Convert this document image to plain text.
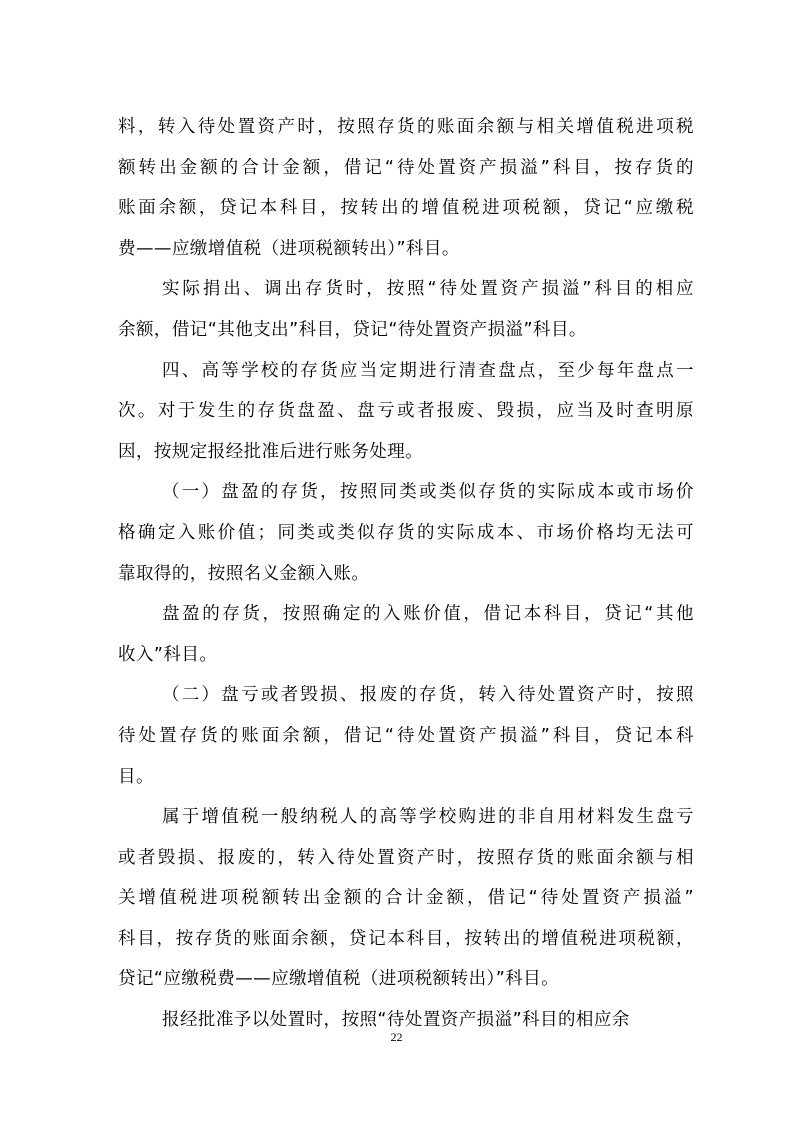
料，转入待处置资产时，按照存货的账面余额与相关增值税进项税
额转出金额的合计金额，借记“待处置资产损溢”科目，按存货的
账面余额，贷记本科目，按转出的增值税进项税额，贷记“应缴税
费——应缴增值税（进项税额转出）”科目。
实际捐出、调出存货时，按照“待处置资产损溢”科目的相应
余额，借记“其他支出”科目，贷记“待处置资产损溢”科目。
四、高等学校的存货应当定期进行清查盘点，至少每年盘点一
次。对于发生的存货盘盈、盘亏或者报废、毁损，应当及时查明原
因，按规定报经批准后进行账务处理。
（一）盘盈的存货，按照同类或类似存货的实际成本或市场价
格确定入账价值；同类或类似存货的实际成本、市场价格均无法可
靠取得的，按照名义金额入账。
盘盈的存货，按照确定的入账价值，借记本科目，贷记“其他
收入”科目。
（二）盘亏或者毁损、报废的存货，转入待处置资产时，按照
待处置存货的账面余额，借记“待处置资产损溢”科目，贷记本科
目。
属于增值税一般纳税人的高等学校购进的非自用材料发生盘亏
或者毁损、报废的，转入待处置资产时，按照存货的账面余额与相
关增值税进项税额转出金额的合计金额，借记“待处置资产损溢”
科目，按存货的账面余额，贷记本科目，按转出的增值税进项税额，
贷记“应缴税费——应缴增值税（进项税额转出）”科目。
报经批准予以处置时，按照“待处置资产损溢”科目的相应余
22
